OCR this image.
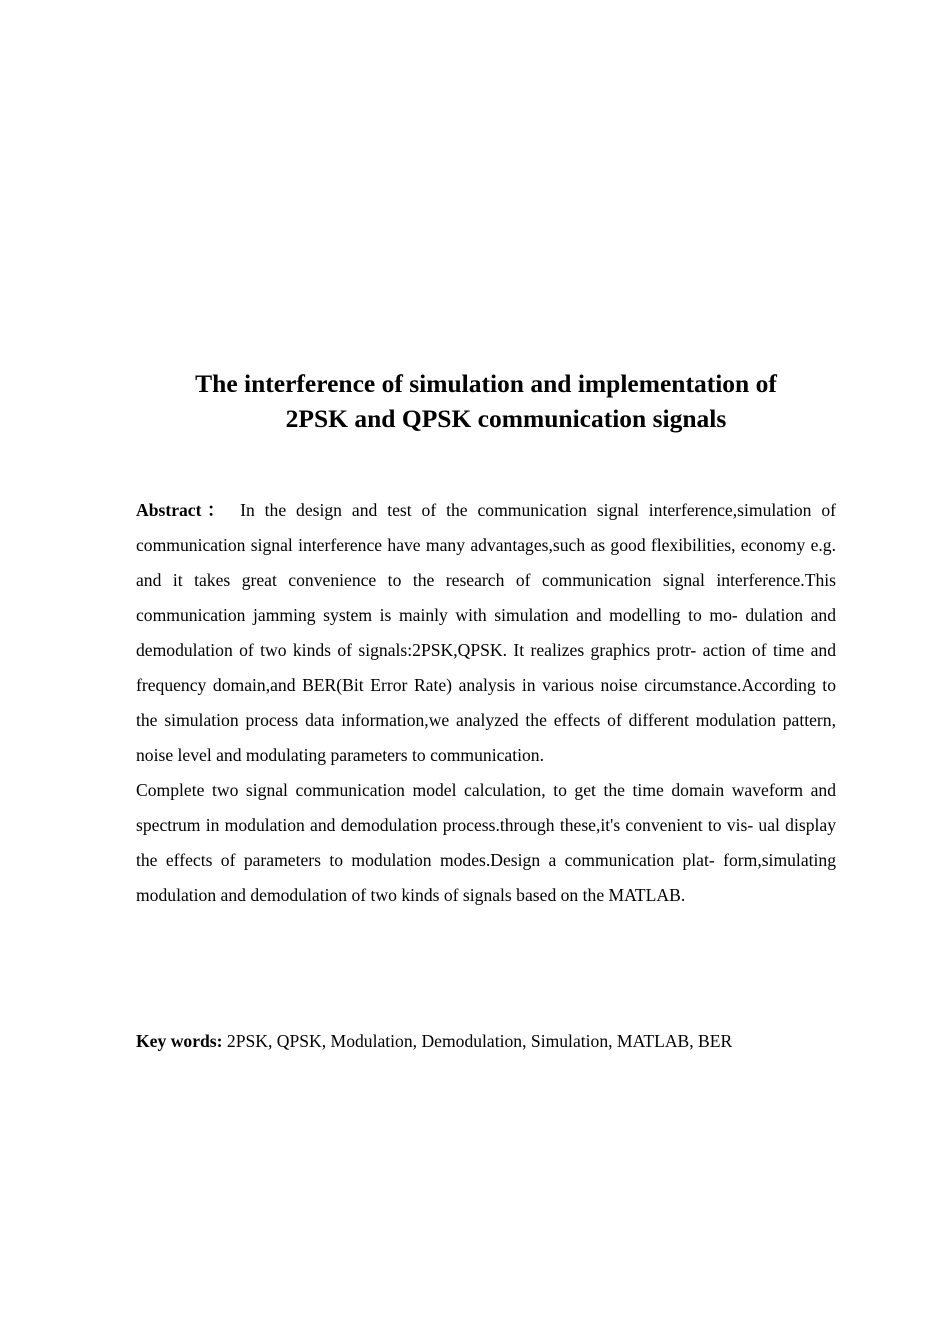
The interference of simulation and implementation of
2PSK and QPSK communication signals

Abstract： In the design and test of the communication signal interference,simulation of communication signal interference have many advantages,such as good flexibilities, economy e.g. and it takes great convenience to the research of communication signal interference.This communication jamming system is mainly with simulation and modelling to mo- dulation and demodulation of two kinds of signals:2PSK,QPSK. It realizes graphics protr- action of time and frequency domain,and BER(Bit Error Rate) analysis in various noise circumstance.According to the simulation process data information,we analyzed the effects of different modulation pattern, noise level and modulating parameters to communication.

Complete two signal communication model calculation, to get the time domain waveform and spectrum in modulation and demodulation process.through these,it's convenient to vis- ual display the effects of parameters to modulation modes.Design a communication plat- form,simulating modulation and demodulation of two kinds of signals based on the MATLAB.

Key words: 2PSK, QPSK, Modulation, Demodulation, Simulation, MATLAB, BER
